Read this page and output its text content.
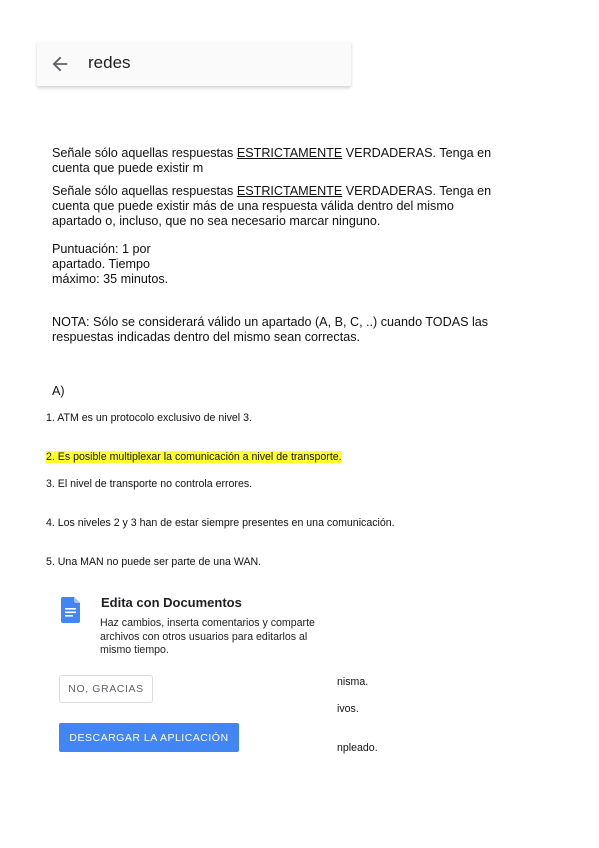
redes
Señale sólo aquellas respuestas ESTRICTAMENTE VERDADERAS. Tenga en
cuenta que puede existir m
Señale sólo aquellas respuestas ESTRICTAMENTE VERDADERAS. Tenga en
cuenta que puede existir más de una respuesta válida dentro del mismo
apartado o, incluso, que no sea necesario marcar ninguno.
Puntuación: 1 por
apartado. Tiempo
máximo: 35 minutos.
NOTA: Sólo se considerará válido un apartado (A, B, C, ..) cuando TODAS las
respuestas indicadas dentro del mismo sean correctas.
A)
1. ATM es un protocolo exclusivo de nivel 3.
2. Es posible multiplexar la comunicación a nivel de transporte.
3. El nivel de transporte no controla errores.
4. Los niveles 2 y 3 han de estar siempre presentes en una comunicación.
5. Una MAN no puede ser parte de una WAN.
nisma.
ivos.
npleado.
Edita con Documentos
Haz cambios, inserta comentarios y comparte archivos con otros usuarios para editarlos al mismo tiempo.
NO, GRACIAS
DESCARGAR LA APLICACIÓN
